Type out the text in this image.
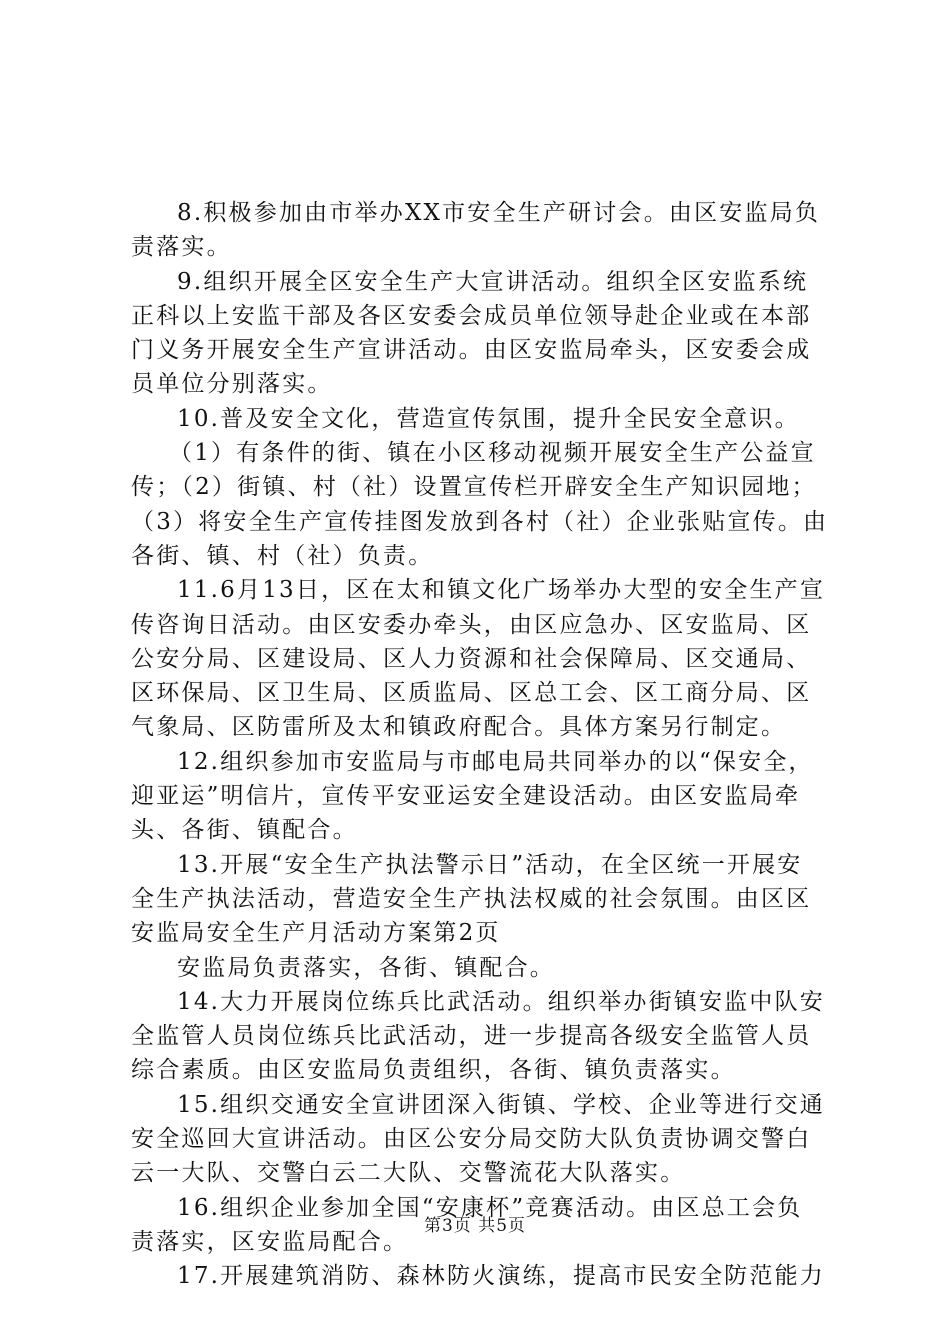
8.积极参加由市举办XX市安全生产研讨会。由区安监局负
责落实。
9.组织开展全区安全生产大宣讲活动。组织全区安监系统
正科以上安监干部及各区安委会成员单位领导赴企业或在本部
门义务开展安全生产宣讲活动。由区安监局牵头，区安委会成
员单位分别落实。
10.普及安全文化，营造宣传氛围，提升全民安全意识。
（1）有条件的街、镇在小区移动视频开展安全生产公益宣
传；（2）街镇、村（社）设置宣传栏开辟安全生产知识园地；
（3）将安全生产宣传挂图发放到各村（社）企业张贴宣传。由
各街、镇、村（社）负责。
11.6月13日，区在太和镇文化广场举办大型的安全生产宣
传咨询日活动。由区安委办牵头，由区应急办、区安监局、区
公安分局、区建设局、区人力资源和社会保障局、区交通局、
区环保局、区卫生局、区质监局、区总工会、区工商分局、区
气象局、区防雷所及太和镇政府配合。具体方案另行制定。
12.组织参加市安监局与市邮电局共同举办的以“保安全，
迎亚运”明信片，宣传平安亚运安全建设活动。由区安监局牵
头、各街、镇配合。
13.开展“安全生产执法警示日”活动，在全区统一开展安
全生产执法活动，营造安全生产执法权威的社会氛围。由区区
安监局安全生产月活动方案第2页
安监局负责落实，各街、镇配合。
14.大力开展岗位练兵比武活动。组织举办街镇安监中队安
全监管人员岗位练兵比武活动，进一步提高各级安全监管人员
综合素质。由区安监局负责组织，各街、镇负责落实。
15.组织交通安全宣讲团深入街镇、学校、企业等进行交通
安全巡回大宣讲活动。由区公安分局交防大队负责协调交警白
云一大队、交警白云二大队、交警流花大队落实。
16.组织企业参加全国“安康杯”竞赛活动。由区总工会负
责落实，区安监局配合。
17.开展建筑消防、森林防火演练，提高市民安全防范能力
第3页 共5页
